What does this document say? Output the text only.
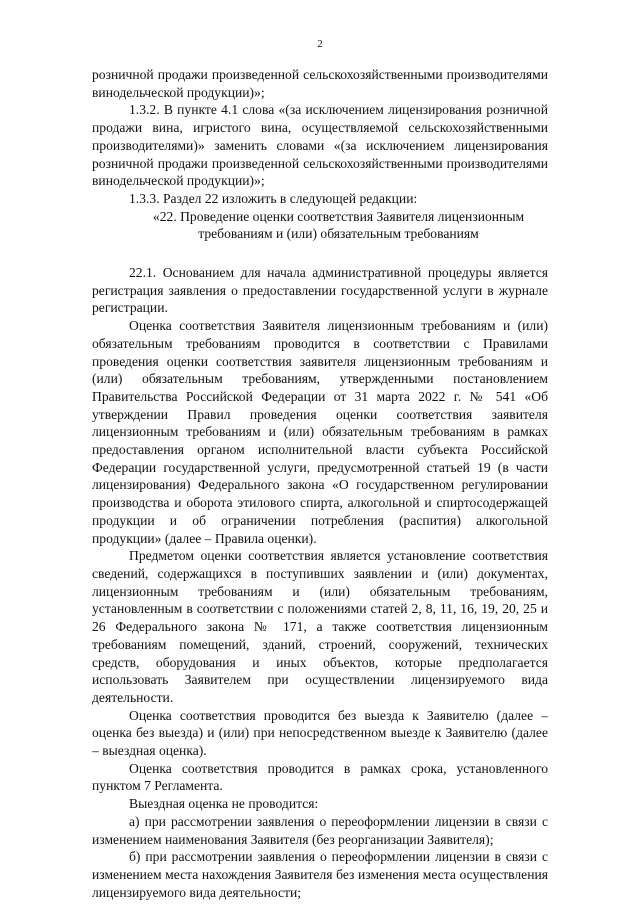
2

розничной продажи произведенной сельскохозяйственными производителями винодельческой продукции)»;

1.3.2. В пункте 4.1 слова «(за исключением лицензирования розничной продажи вина, игристого вина, осуществляемой сельскохозяйственными производителями)» заменить словами «(за исключением лицензирования розничной продажи произведенной сельскохозяйственными производителями винодельческой продукции)»;

1.3.3. Раздел 22 изложить в следующей редакции:

«22. Проведение оценки соответствия Заявителя лицензионным
требованиям и (или) обязательным требованиям

22.1. Основанием для начала административной процедуры является регистрация заявления о предоставлении государственной услуги в журнале регистрации.

Оценка соответствия Заявителя лицензионным требованиям и (или) обязательным требованиям проводится в соответствии с Правилами проведения оценки соответствия заявителя лицензионным требованиям и (или) обязательным требованиям, утвержденными постановлением Правительства Российской Федерации от 31 марта 2022 г. № 541 «Об утверждении Правил проведения оценки соответствия заявителя лицензионным требованиям и (или) обязательным требованиям в рамках предоставления органом исполнительной власти субъекта Российской Федерации государственной услуги, предусмотренной статьей 19 (в части лицензирования) Федерального закона «О государственном регулировании производства и оборота этилового спирта, алкогольной и спиртосодержащей продукции и об ограничении потребления (распития) алкогольной продукции» (далее – Правила оценки).

Предметом оценки соответствия является установление соответствия сведений, содержащихся в поступивших заявлении и (или) документах, лицензионным требованиям и (или) обязательным требованиям, установленным в соответствии с положениями статей 2, 8, 11, 16, 19, 20, 25 и 26 Федерального закона № 171, а также соответствия лицензионным требованиям помещений, зданий, строений, сооружений, технических средств, оборудования и иных объектов, которые предполагается использовать Заявителем при осуществлении лицензируемого вида деятельности.

Оценка соответствия проводится без выезда к Заявителю (далее – оценка без выезда) и (или) при непосредственном выезде к Заявителю (далее – выездная оценка).

Оценка соответствия проводится в рамках срока, установленного пунктом 7 Регламента.

Выездная оценка не проводится:

а) при рассмотрении заявления о переоформлении лицензии в связи с изменением наименования Заявителя (без реорганизации Заявителя);

б) при рассмотрении заявления о переоформлении лицензии в связи с изменением места нахождения Заявителя без изменения места осуществления лицензируемого вида деятельности;
